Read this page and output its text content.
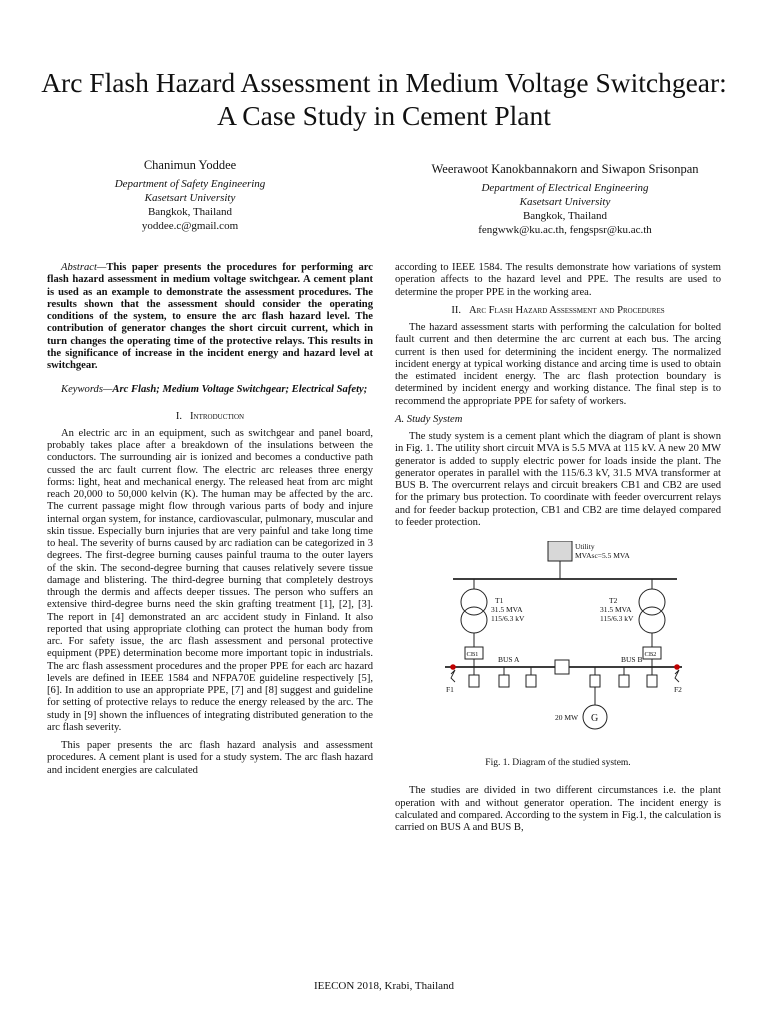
Arc Flash Hazard Assessment in Medium Voltage Switchgear: A Case Study in Cement Plant
Chanimun Yoddee
Department of Safety Engineering
Kasetsart University
Bangkok, Thailand
yoddee.c@gmail.com
Weerawoot Kanokbannakorn and Siwapon Srisonpan
Department of Electrical Engineering
Kasetsart University
Bangkok, Thailand
fengwwk@ku.ac.th, fengspsr@ku.ac.th

Abstract—This paper presents the procedures for performing arc flash hazard assessment in medium voltage switchgear. A cement plant is used as an example to demonstrate the assessment procedures. The results shown that the assessment should consider the operating conditions of the system, to ensure the arc flash hazard level. The contribution of generator changes the short circuit current, which in turn changes the operating time of the protective relays. This results in the significance of increase in the incident energy and hazard level at switchgear.

Keywords—Arc Flash; Medium Voltage Switchgear; Electrical Safety;

I. Introduction

An electric arc in an equipment, such as switchgear and panel board, probably takes place after a breakdown of the insulations between the conductors. The surrounding air is ionized and becomes a conductive path cussed the arc fault current flow. The electric arc releases three energy forms: light, heat and mechanical energy. The released heat from arc might reach 20,000 to 50,000 kelvin (K). The human may be affected by the arc. The current passage might flow through various parts of body and injure internal organ system, for instance, cardiovascular, pulmonary, muscular and skin tissue. Especially burn injuries that are very painful and take long time to heal. The severity of burns caused by arc radiation can be categorized in 3 degrees. The first-degree burning causes painful trauma to the outer layers of the skin. The second-degree burning that causes relatively severe tissue damage and blistering. The third-degree burning that completely destroys through the dermis and affects deeper tissues. The person who suffers an extensive third-degree burns need the skin grafting treatment [1], [2], [3]. The report in [4] demonstrated an arc accident study in Finland. It also reported that using appropriate clothing can protect the human body from arc. For safety issue, the arc flash assessment and personal protective equipment (PPE) determination become more important topic in industrials. The arc flash assessment procedures and the proper PPE for each arc hazard levels are defined in IEEE 1584 and NFPA70E guideline respectively [5], [6]. In addition to use an appropriate PPE, [7] and [8] suggest and guideline for setting of protective relays to reduce the energy released by the arc. The study in [9] shown the influences of integrating distributed generation to the arc flash severity.

This paper presents the arc flash hazard analysis and assessment procedures. A cement plant is used for a study system. The arc flash hazard and incident energies are calculated

according to IEEE 1584. The results demonstrate how variations of system operation affects to the hazard level and PPE. The results are used to determine the proper PPE in the working area.

II. Arc Flash Hazard Assessment and Procedures

The hazard assessment starts with performing the calculation for bolted fault current and then determine the arc current at each bus. The arcing current is then used for determining the incident energy. The normalized incident energy at typical working distance and arcing time is used to obtain the estimated incident energy. The arc flash protection boundary is determined by incident energy and working distance. The final step is to recommend the appropriate PPE for safety of workers.

A. Study System

The study system is a cement plant which the diagram of plant is shown in Fig. 1. The utility short circuit MVA is 5.5 MVA at 115 kV. A new 20 MW generator is added to supply electric power for loads inside the plant. The generator operates in parallel with the 115/6.3 kV, 31.5 MVA transformer at BUS B. The overcurrent relays and circuit breakers CB1 and CB2 are used for the primary bus protection. To coordinate with feeder overcurrent relays and for feeder backup protection, CB1 and CB2 are time delayed compared to feeder protection.

Utility
MVAsc=5.5 MVA
T1
31.5 MVA
115/6.3 kV
T2
31.5 MVA
115/6.3 kV
CB1	CB2
BUS A	BUS B
F1	F2
20 MW G
Fig. 1. Diagram of the studied system.

The studies are divided in two different circumstances i.e. the plant operation with and without generator operation. The incident energy is calculated and compared. According to the system in Fig.1, the calculation is carried on BUS A and BUS B,

IEECON 2018, Krabi, Thailand
